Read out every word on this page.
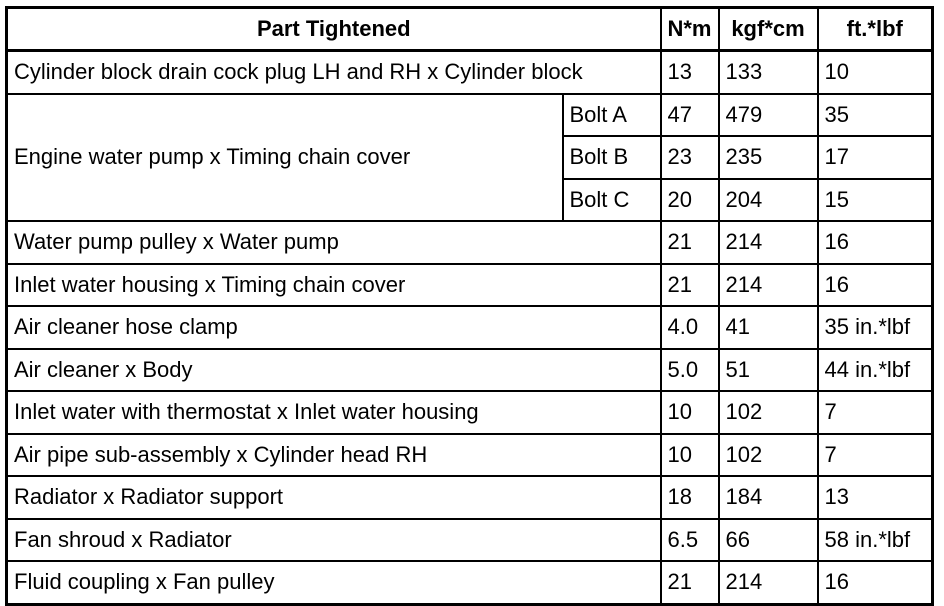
Part Tightened		N*m	kgf*cm	ft.*lbf
Cylinder block drain cock plug LH and RH x Cylinder block		13	133	10
Engine water pump x Timing chain cover	Bolt A	47	479	35
	Bolt B	23	235	17
	Bolt C	20	204	15
Water pump pulley x Water pump		21	214	16
Inlet water housing x Timing chain cover		21	214	16
Air cleaner hose clamp		4.0	41	35 in.*lbf
Air cleaner x Body		5.0	51	44 in.*lbf
Inlet water with thermostat x Inlet water housing		10	102	7
Air pipe sub-assembly x Cylinder head RH		10	102	7
Radiator x Radiator support		18	184	13
Fan shroud x Radiator		6.5	66	58 in.*lbf
Fluid coupling x Fan pulley		21	214	16
